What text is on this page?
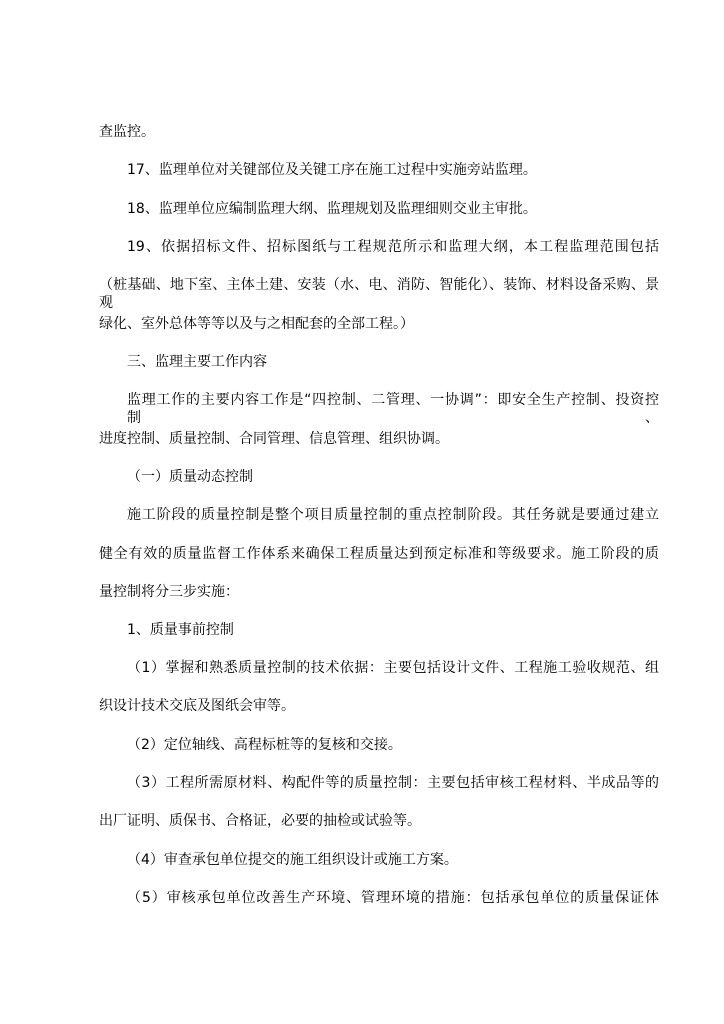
查监控。
17、监理单位对关键部位及关键工序在施工过程中实施旁站监理。
18、监理单位应编制监理大纲、监理规划及监理细则交业主审批。
19、依据招标文件、招标图纸与工程规范所示和监理大纲，本工程监理范围包括
（桩基础、地下室、主体土建、安装（水、电、消防、智能化）、装饰、材料设备采购、景观
绿化、室外总体等等以及与之相配套的全部工程。）
三、监理主要工作内容
监理工作的主要内容工作是“四控制、二管理、一协调”：即安全生产控制、投资控制、
进度控制、质量控制、合同管理、信息管理、组织协调。
（一）质量动态控制
施工阶段的质量控制是整个项目质量控制的重点控制阶段。其任务就是要通过建立
健全有效的质量监督工作体系来确保工程质量达到预定标准和等级要求。施工阶段的质
量控制将分三步实施：
1、质量事前控制
（1）掌握和熟悉质量控制的技术依据：主要包括设计文件、工程施工验收规范、组
织设计技术交底及图纸会审等。
（2）定位轴线、高程标桩等的复核和交接。
（3）工程所需原材料、构配件等的质量控制：主要包括审核工程材料、半成品等的
出厂证明、质保书、合格证，必要的抽检或试验等。
（4）审查承包单位提交的施工组织设计或施工方案。
（5）审核承包单位改善生产环境、管理环境的措施：包括承包单位的质量保证体
